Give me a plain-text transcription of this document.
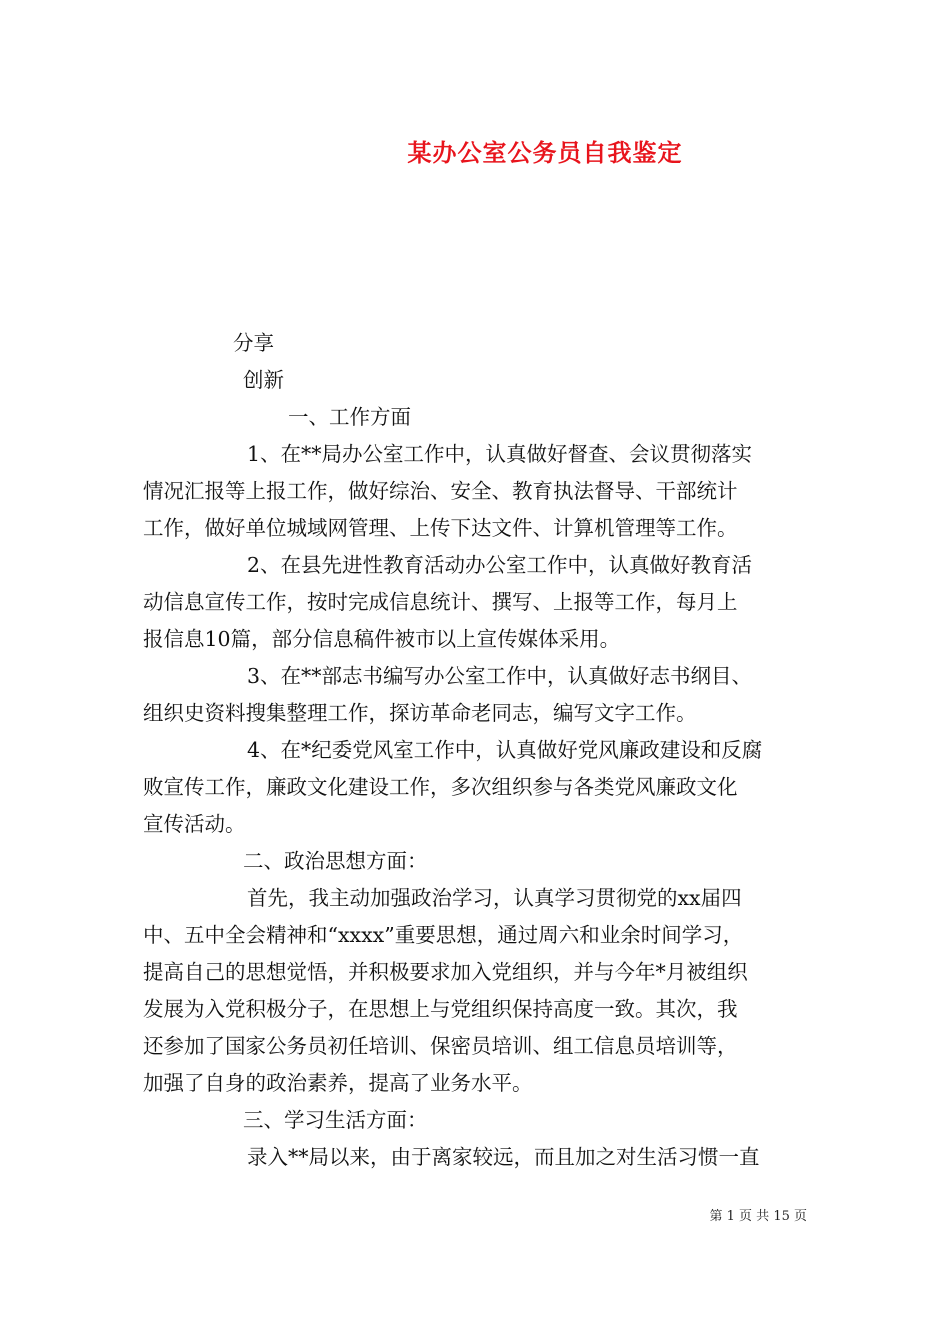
某办公室公务员自我鉴定
分享
创新
一、工作方面
1、在**局办公室工作中，认真做好督查、会议贯彻落实
情况汇报等上报工作，做好综治、安全、教育执法督导、干部统计
工作，做好单位城域网管理、上传下达文件、计算机管理等工作。
2、在县先进性教育活动办公室工作中，认真做好教育活
动信息宣传工作，按时完成信息统计、撰写、上报等工作，每月上
报信息10篇，部分信息稿件被市以上宣传媒体采用。
3、在**部志书编写办公室工作中，认真做好志书纲目、
组织史资料搜集整理工作，探访革命老同志，编写文字工作。
4、在*纪委党风室工作中，认真做好党风廉政建设和反腐
败宣传工作，廉政文化建设工作，多次组织参与各类党风廉政文化
宣传活动。
二、政治思想方面：
首先，我主动加强政治学习，认真学习贯彻党的xx届四
中、五中全会精神和“xxxx”重要思想，通过周六和业余时间学习，
提高自己的思想觉悟，并积极要求加入党组织，并与今年*月被组织
发展为入党积极分子，在思想上与党组织保持高度一致。其次，我
还参加了国家公务员初任培训、保密员培训、组工信息员培训等，
加强了自身的政治素养，提高了业务水平。
三、学习生活方面：
录入**局以来，由于离家较远，而且加之对生活习惯一直
第 1 页 共 15 页
